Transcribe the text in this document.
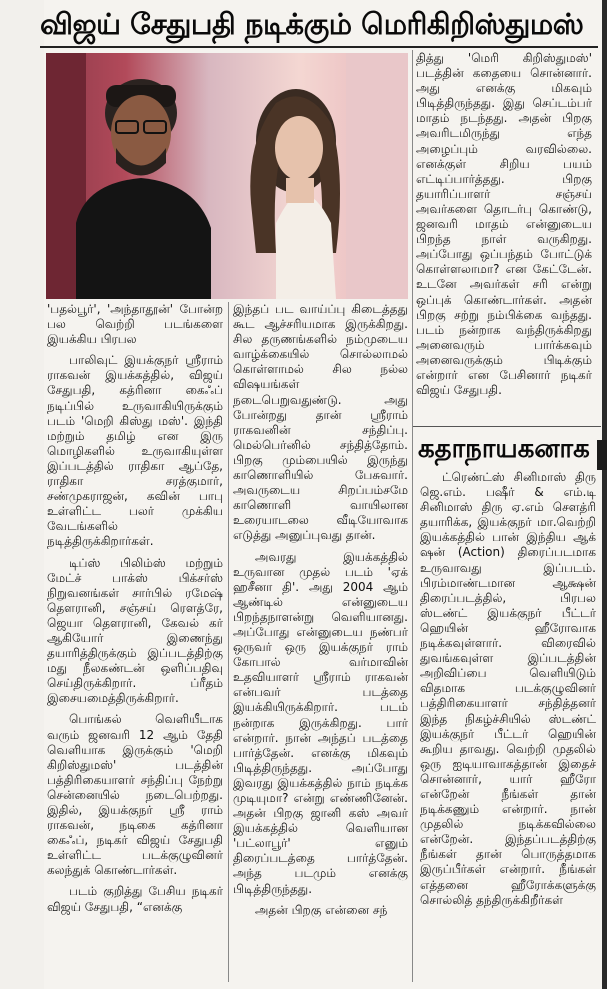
விஜய் சேதுபதி நடிக்கும் மெரிகிறிஸ்துமஸ்

'பதல்பூர்', 'அந்தாதூன்' போன்ற பல வெற்றி படங்களை இயக்கிய பிரபல

பாலிவுட் இயக்குநர் ஸ்ரீராம் ராகவன் இயக்கத்தில், விஜய் சேதுபதி, கத்ரினா கைஃப் நடிப்பில் உருவாகியிருக்கும் படம் 'மெறி கிஸ்து மஸ்'. இந்தி மற்றும் தமிழ் என இரு மொழிகளில் உருவாகியுள்ள இப்படத்தில் ராதிகா ஆப்தே, ராதிகா சரத்குமார், சண்முகராஜன், கவின் பாபு உள்ளிட்ட பலர் முக்கிய வேடங்களில் நடித்திருக்கிறார்கள்.

டிப்ஸ் பிலிம்ஸ் மற்றும் மேட்ச் பாக்ஸ் பிக்சர்ஸ் நிறுவனங்கள் சார்பில் ரமேஷ் தௌரானி, சஞ்சய் ரௌத்ரே, ஜெயா தௌரானி, கேவல் கர் ஆகியோர் இணைந்து தயாரித்திருக்கும் இப்படத்திற்கு மது நீலகண்டன் ஒளிப்பதிவு செய்திருக்கிறார். ப்ரீதம் இசையமைத்திருக்கிறார்.

பொங்கல் வெளியீடாக வரும் ஜனவரி 12 ஆம் தேதி வெளியாக இருக்கும் 'மெறி கிறிஸ்துமஸ்' படத்தின் பத்திரிகையாளர் சந்திப்பு நேற்று சென்னையில் நடைபெற்றது. இதில், இயக்குநர் ஸ்ரீ ராம் ராகவன், நடிகை கத்ரினா கைஃப், நடிகர் விஜய் சேதுபதி உள்ளிட்ட படக்குழுவினர் கலந்துக் கொண்டார்கள்.

படம் குறித்து பேசிய நடிகர் விஜய் சேதுபதி, “எனக்கு

இந்தப் பட வாய்ப்பு கிடைத்தது கூட ஆச்சரியமாக இருக்கிறது. சில தருணங்களில் நம்முடைய வாழ்க்கையில் சொல்லாமல் கொள்ளாமல் சில நல்ல விஷயங்கள் நடைபெறுவதுண்டு. அது போன்றது தான் ஸ்ரீராம் ராகவனின் சந்திப்பு. மெல்பெர்னில் சந்தித்தோம். பிறகு மும்பையில் இருந்து காணொளியில் பேசுவார். அவருடைய சிறப்பம்சமே காணொளி வாயிலான உரையாடலை வீடியோவாக எடுத்து அனுப்புவது தான்.

அவரது இயக்கத்தில் உருவான முதல் படம் 'ஏக் ஹசீனா தி'. அது 2004 ஆம் ஆண்டில் என்னுடைய பிறந்தநாளன்று வெளியானது. அப்போது என்னுடைய நண்பர் ஒருவர் ஒரு இயக்குநர் ராம் கோபால் வர்மாவின் உதவியாளர் ஸ்ரீராம் ராகவன் என்பவர் படத்தை இயக்கியிருக்கிறார். படம் நன்றாக இருக்கிறது. பார் என்றார். நான் அந்தப் படத்தை பார்த்தேன். எனக்கு மிகவும் பிடித்திருந்தது. அப்போது இவரது இயக்கத்தில் நாம் நடிக்க முடியுமா? என்று எண்ணினேன். அதன் பிறகு ஜானி கஸ் அவர் இயக்கத்தில் வெளியான 'பட்லாபூர்' எனும் திரைப்படத்தை பார்த்தேன். அந்த படமும் எனக்கு பிடித்திருந்தது.

அதன் பிறகு என்னை சந்

தித்து 'மெரி கிறிஸ்துமஸ்' படத்தின் கதையை சொன்னார். அது எனக்கு மிகவும் பிடித்திருந்தது. இது செப்டம்பர் மாதம் நடந்தது. அதன் பிறகு அவரிடமிருந்து எந்த அழைப்பும் வரவில்லை. எனக்குள் சிறிய பயம் எட்டிப்பார்த்தது. பிறகு தயாரிப்பாளர் சஞ்சய் அவர்களை தொடர்பு கொண்டு, ஜனவரி மாதம் என்னுடைய பிறந்த நாள் வருகிறது. அப்போது ஒப்பந்தம் போட்டுக் கொள்ளலாமா? என கேட்டேன். உடனே அவர்கள் சரி என்று ஒப்புக் கொண்டார்கள். அதன் பிறகு சற்று நம்பிக்கை வந்தது. படம் நன்றாக வந்திருக்கிறது அனைவரும் பார்க்கவும் அனைவருக்கும் பிடிக்கும் என்றார் என பேசினார் நடிகர் விஜய் சேதுபதி.

கதாநாயகனாக

ட்ரெண்ட்ஸ் சினிமாஸ் திரு ஜெ.எம். பஷீர் & எம்.டி சினிமாஸ் திரு ஏ.எம் சௌத்ரி தயாரிக்க, இயக்குநர் மா.வெற்றி இயக்கத்தில் பான் இந்திய ஆக் ஷன் (Action) திரைப்படமாக உருவாவது இப்படம். பிரம்மாண்டமான ஆக்ஷன் திரைப்படத்தில், பிரபல ஸ்டண்ட் இயக்குநர் பீட்டர் ஹெயின் ஹீரோவாக நடிக்கவுள்ளார். விரைவில் துவங்கவுள்ள இப்படத்தின் அறிவிப்பை வெளியிடும் விதமாக படக்குழுவினர் பத்திரிகையாளர் சந்தித்தனர் இந்த நிகழ்ச்சியில் ஸ்டண்ட் இயக்குநர் பீட்டர் ஹெயின் கூறிய தாவது. வெற்றி முதலில் ஒரு ஐடியாவாகத்தான் இதைச் சொன்னார், யார் ஹீரோ என்றேன் நீங்கள் தான் நடிக்கணும் என்றார். நான் முதலில் நடிக்கவில்லை என்றேன். இந்தப்படத்திற்கு நீங்கள் தான் பொருத்தமாக இருப்பீர்கள் என்றார். நீங்கள் எத்தனை ஹீரோக்களுக்கு சொல்லித் தந்திருக்கிறீர்கள்
